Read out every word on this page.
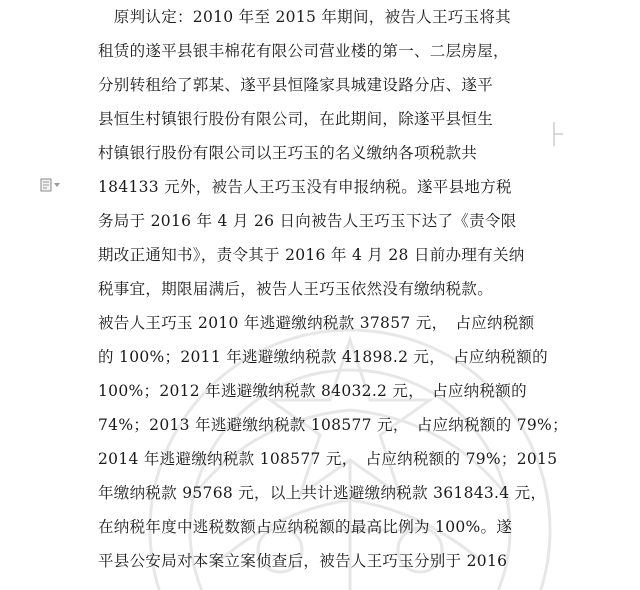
　原判认定：2010 年至 2015 年期间，被告人王巧玉将其
租赁的遂平县银丰棉花有限公司营业楼的第一、二层房屋，
分别转租给了郭某、遂平县恒隆家具城建设路分店、遂平
县恒生村镇银行股份有限公司，在此期间，除遂平县恒生
村镇银行股份有限公司以王巧玉的名义缴纳各项税款共
184133 元外，被告人王巧玉没有申报纳税。遂平县地方税
务局于 2016 年 4 月 26 日向被告人王巧玉下达了《责令限
期改正通知书》，责令其于 2016 年 4 月 28 日前办理有关纳
税事宜，期限届满后，被告人王巧玉依然没有缴纳税款。
被告人王巧玉 2010 年逃避缴纳税款 37857 元，　占应纳税额
的 100%；2011 年逃避缴纳税款 41898.2 元，　占应纳税额的
100%；2012 年逃避缴纳税款 84032.2 元，　占应纳税额的
74%；2013 年逃避缴纳税款 108577 元，　占应纳税额的 79%；
2014 年逃避缴纳税款 108577 元，　占应纳税额的 79%；2015
年缴纳税款 95768 元，以上共计逃避缴纳税款 361843.4 元，
在纳税年度中逃税数额占应纳税额的最高比例为 100%。遂
平县公安局对本案立案侦查后，被告人王巧玉分别于 2016
